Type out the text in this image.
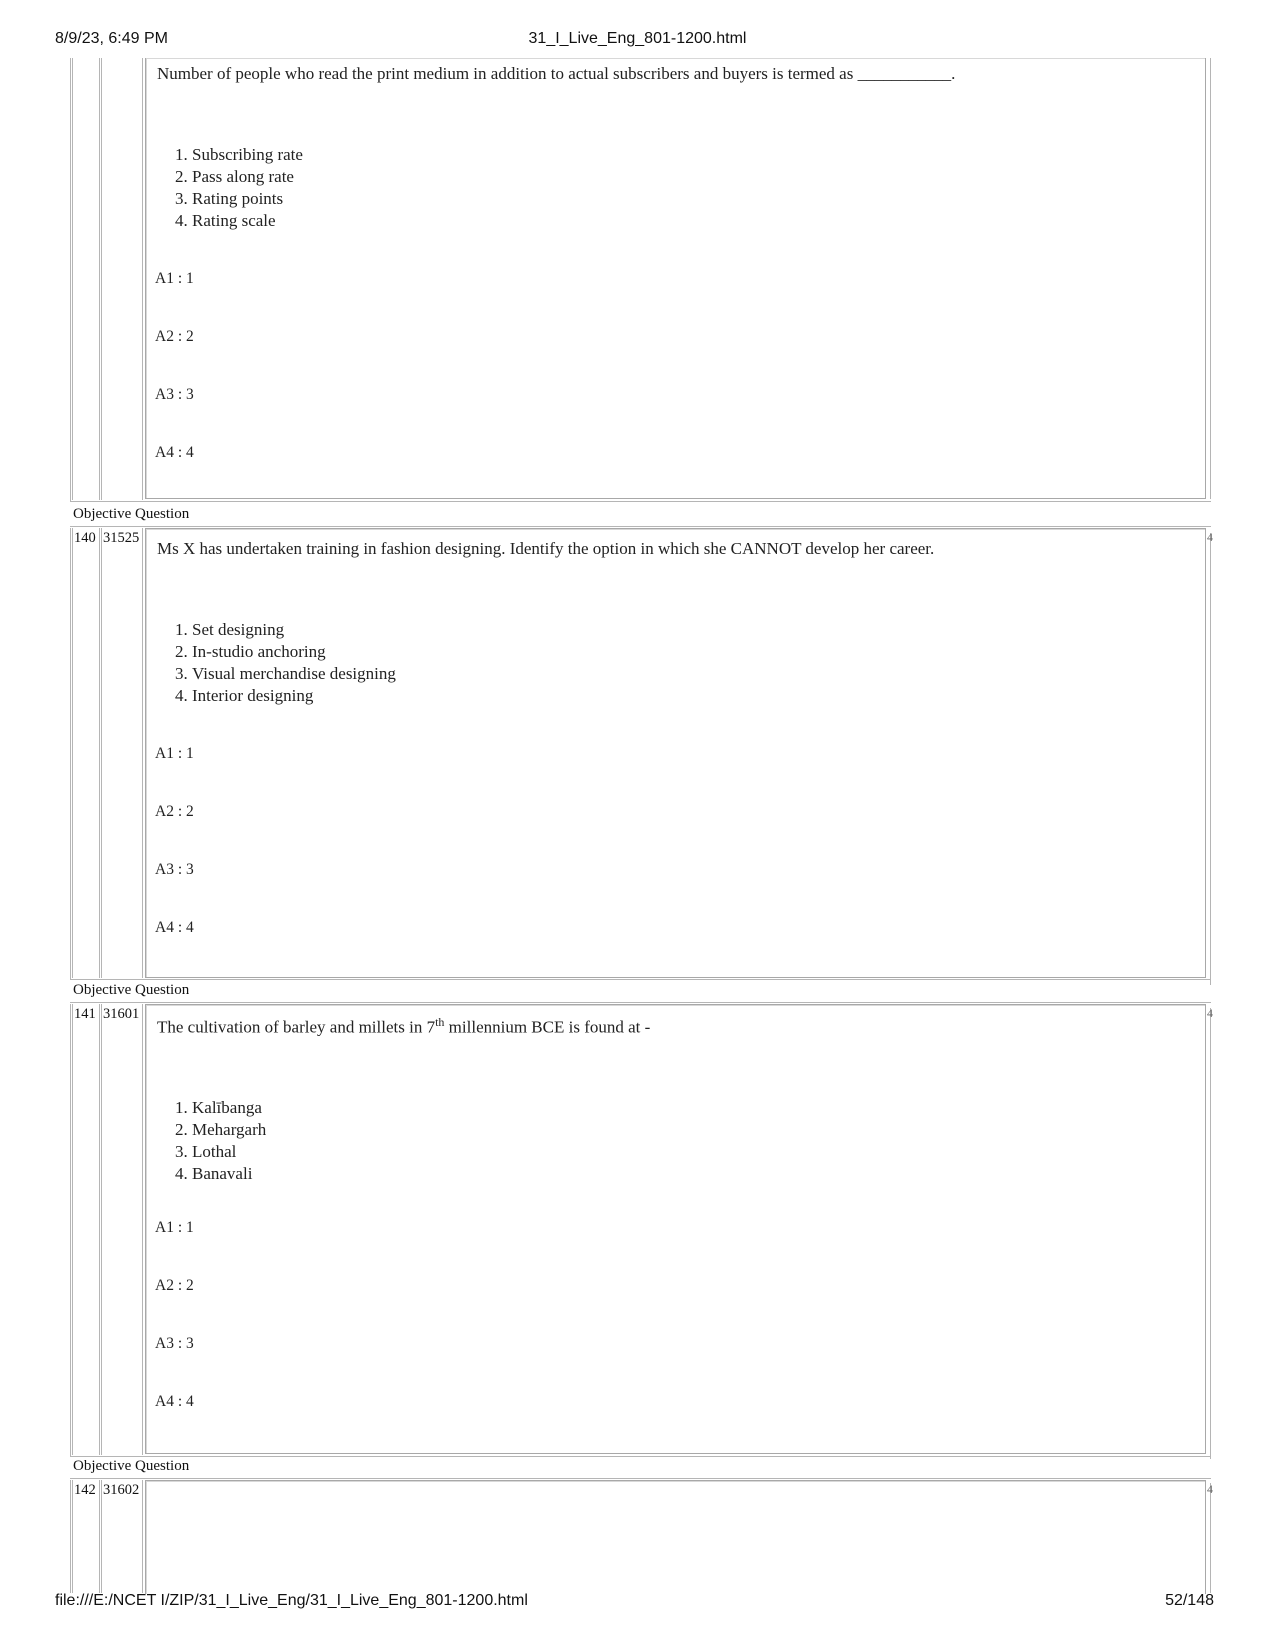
8/9/23, 6:49 PM	31_I_Live_Eng_801-1200.html
file:///E:/NCET I/ZIP/31_I_Live_Eng/31_I_Live_Eng_801-1200.html	52/148
Number of people who read the print medium in addition to actual subscribers and buyers is termed as ___________.
1. Subscribing rate
2. Pass along rate
3. Rating points
4. Rating scale
A1 : 1
A2 : 2
A3 : 3
A4 : 4
Objective Question
140 31525	4
Ms X has undertaken training in fashion designing. Identify the option in which she CANNOT develop her career.
1. Set designing
2. In-studio anchoring
3. Visual merchandise designing
4. Interior designing
A1 : 1
A2 : 2
A3 : 3
A4 : 4
Objective Question
141 31601	4
The cultivation of barley and millets in 7th millennium BCE is found at -
1. Kalībanga
2. Mehargarh
3. Lothal
4. Banavali
A1 : 1
A2 : 2
A3 : 3
A4 : 4
Objective Question
142 31602	4
